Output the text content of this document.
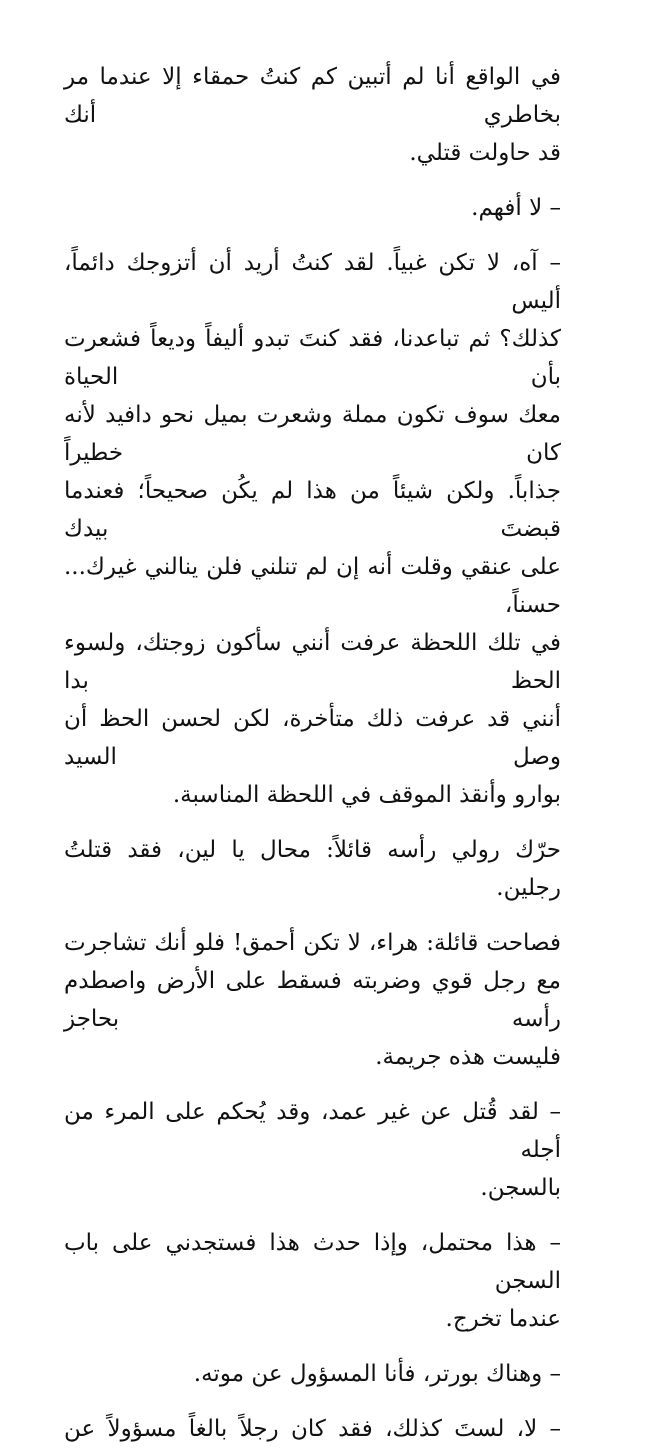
في الواقع أنا لم أتبين كم كنتُ حمقاء إلا عندما مر بخاطري أنك
قد حاولت قتلي.
– لا أفهم.
– آه، لا تكن غبياً. لقد كنتُ أريد أن أتزوجك دائماً، أليس
كذلك؟ ثم تباعدنا، فقد كنتَ تبدو أليفاً وديعاً فشعرت بأن الحياة
معك سوف تكون مملة وشعرت بميل نحو دافيد لأنه كان خطيراً
جذاباً. ولكن شيئاً من هذا لم يكُن صحيحاً؛ فعندما قبضتَ بيدك
على عنقي وقلت أنه إن لم تنلني فلن ينالني غيرك... حسناً،
في تلك اللحظة عرفت أنني سأكون زوجتك، ولسوء الحظ بدا
أنني قد عرفت ذلك متأخرة، لكن لحسن الحظ أن وصل السيد
بوارو وأنقذ الموقف في اللحظة المناسبة.
حرّك رولي رأسه قائلاً: محال يا لين، فقد قتلتُ رجلين.
فصاحت قائلة: هراء، لا تكن أحمق! فلو أنك تشاجرت
مع رجل قوي وضربته فسقط على الأرض واصطدم رأسه بحاجز
فليست هذه جريمة.
– لقد قُتل عن غير عمد، وقد يُحكم على المرء من أجله
بالسجن.
– هذا محتمل، وإذا حدث هذا فستجدني على باب السجن
عندما تخرج.
– وهناك بورتر، فأنا المسؤول عن موته.
– لا، لستَ كذلك، فقد كان رجلاً بالغاً مسؤولاً عن
